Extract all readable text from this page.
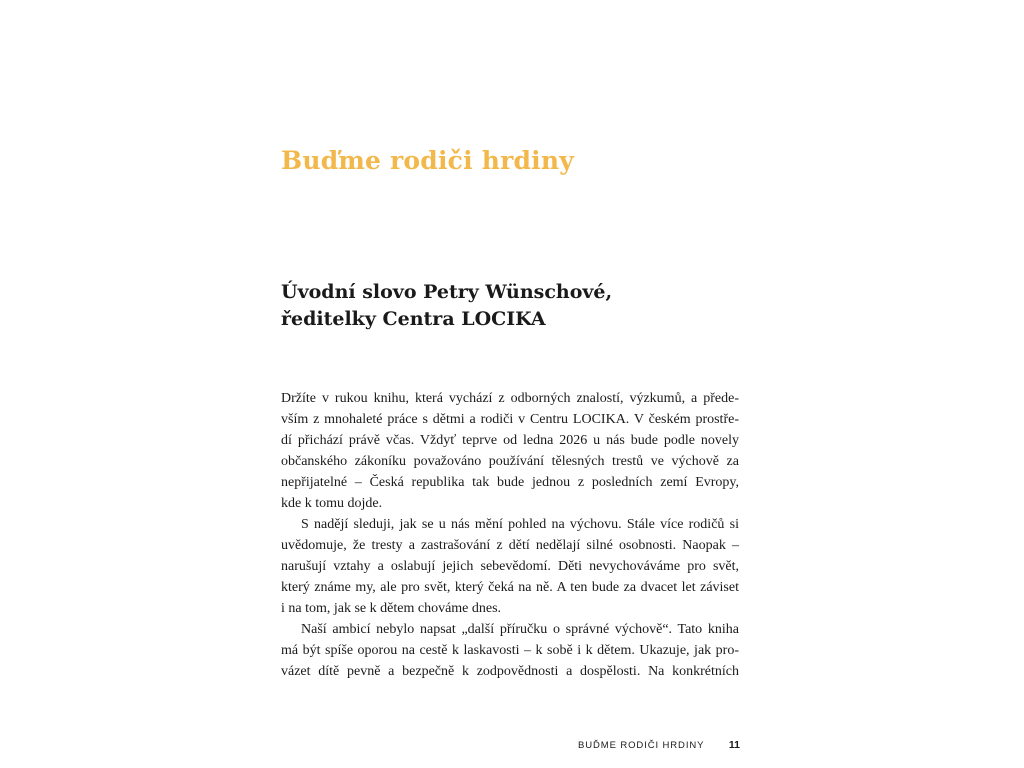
Buďme rodiči hrdiny
Úvodní slovo Petry Wünschové,
ředitelky Centra LOCIKA
Držíte v rukou knihu, která vychází z odborných znalostí, výzkumů, a přede-
vším z mnohaleté práce s dětmi a rodiči v Centru LOCIKA. V českém prostře-
dí přichází právě včas. Vždyť teprve od ledna 2026 u nás bude podle novely
občanského zákoníku považováno používání tělesných trestů ve výchově za
nepřijatelné – Česká republika tak bude jednou z posledních zemí Evropy,
kde k tomu dojde.
S nadějí sleduji, jak se u nás mění pohled na výchovu. Stále více rodičů si
uvědomuje, že tresty a zastrašování z dětí nedělají silné osobnosti. Naopak –
narušují vztahy a oslabují jejich sebevědomí. Děti nevychováváme pro svět,
který známe my, ale pro svět, který čeká na ně. A ten bude za dvacet let záviset
i na tom, jak se k dětem chováme dnes.
Naší ambicí nebylo napsat „další příručku o správné výchově“. Tato kniha
má být spíše oporou na cestě k laskavosti – k sobě i k dětem. Ukazuje, jak pro-
vázet dítě pevně a bezpečně k zodpovědnosti a dospělosti. Na konkrétních
BUĎME RODIČI HRDINY 11
